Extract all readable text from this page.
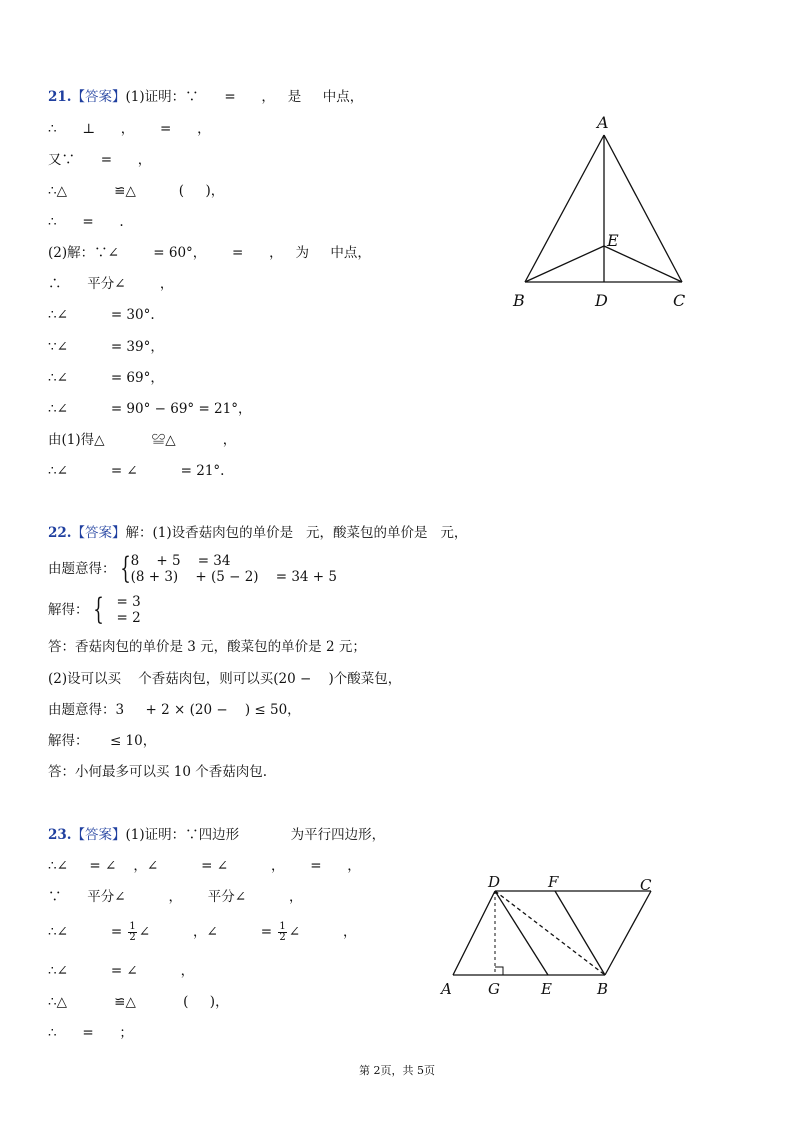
21.【答案】(1)证明：∵      =      ，   是     中点，
∴      ⊥      ，      =      ，
又∵      =      ，
∴△           ≌△          (     )，
∴      =      .
(2)解：∵∠        = 60°，      =      ，   为     中点，
∴      平分∠        ，
∴∠          = 30°.
∵∠          = 39°，
∴∠          = 69°，
∴∠          = 90° − 69° = 21°，
由(1)得△           ≌△           ，
∴∠          = ∠          = 21°.
A
E
B	D	C
22.【答案】解：(1)设香菇肉包的单价是   元，酸菜包的单价是   元，
由题意得： { 8    + 5    = 34
(8 + 3)    + (5 − 2)    = 34 + 5
解得： { = 3
= 2
答：香菇肉包的单价是 3 元，酸菜包的单价是 2 元；
(2)设可以买    个香菇肉包，则可以买(20 −    )个酸菜包，
由题意得：3     + 2 × (20 −    ) ≤ 50，
解得：     ≤ 10，
答：小何最多可以买 10 个香菇肉包.
23.【答案】(1)证明：∵四边形            为平行四边形，
∴∠     = ∠    ，∠          = ∠          ，      =      ，
∵      平分∠          ，      平分∠          ，
∴∠          = $\frac{1}{2}$ ∠          ，∠          = $\frac{1}{2}$ ∠          ，
∴∠          = ∠          ，
∴△           ≌△           (     )，
∴      =      ；
D	F	C
A G	E	B
第 2页，共 5页
